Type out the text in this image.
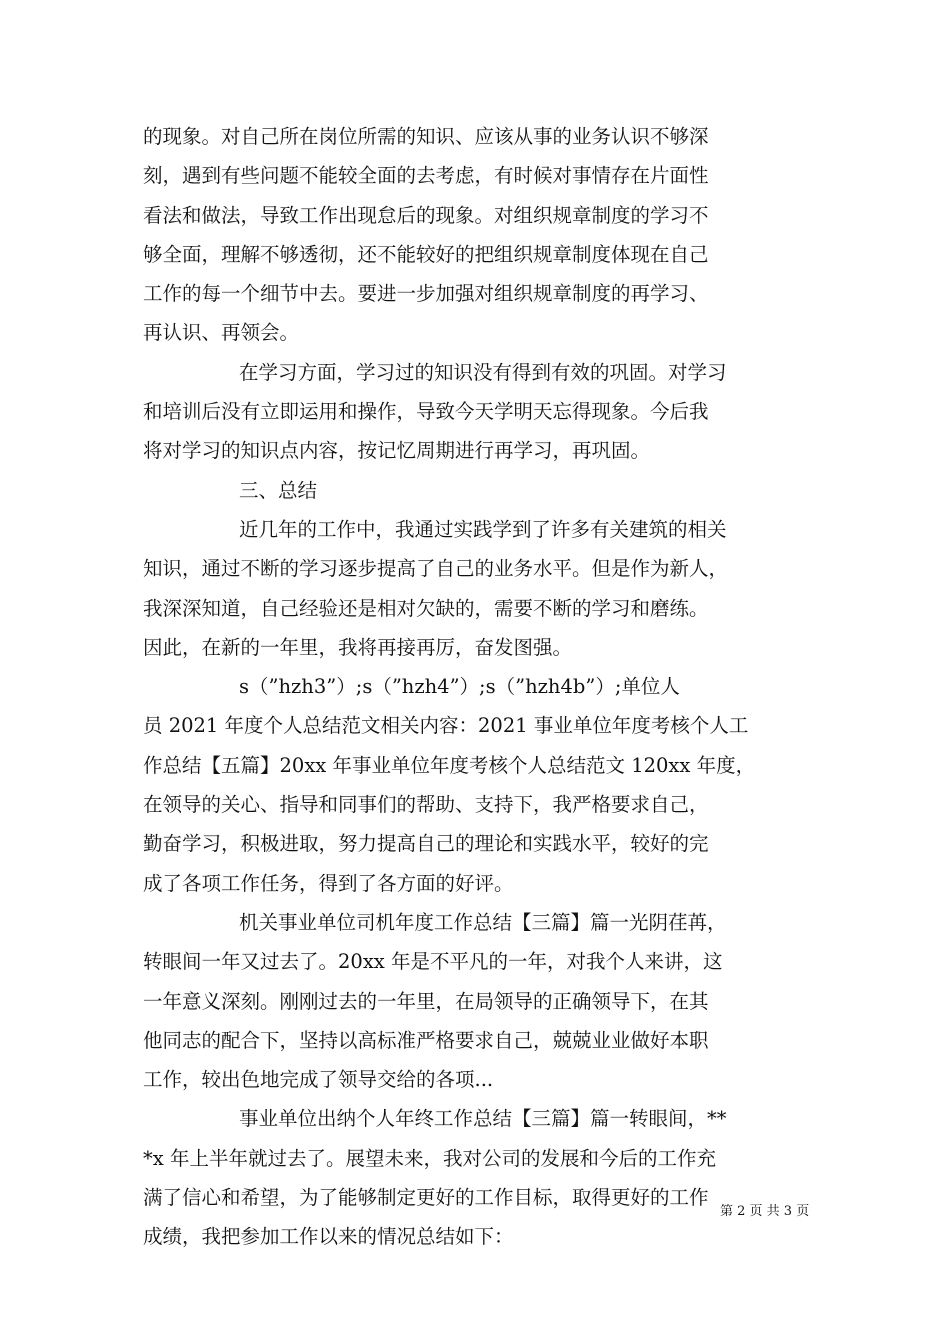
的现象。对自己所在岗位所需的知识、应该从事的业务认识不够深
刻，遇到有些问题不能较全面的去考虑，有时候对事情存在片面性
看法和做法，导致工作出现怠后的现象。对组织规章制度的学习不
够全面，理解不够透彻，还不能较好的把组织规章制度体现在自己
工作的每一个细节中去。要进一步加强对组织规章制度的再学习、
再认识、再领会。
在学习方面，学习过的知识没有得到有效的巩固。对学习
和培训后没有立即运用和操作，导致今天学明天忘得现象。今后我
将对学习的知识点内容，按记忆周期进行再学习，再巩固。
三、总结
近几年的工作中，我通过实践学到了许多有关建筑的相关
知识，通过不断的学习逐步提高了自己的业务水平。但是作为新人，
我深深知道，自己经验还是相对欠缺的，需要不断的学习和磨练。
因此，在新的一年里，我将再接再厉，奋发图强。
s（”hzh3”）;s（”hzh4”）;s（”hzh4b”）;单位人
员 2021 年度个人总结范文相关内容：2021 事业单位年度考核个人工
作总结【五篇】20xx 年事业单位年度考核个人总结范文 120xx 年度，
在领导的关心、指导和同事们的帮助、支持下，我严格要求自己，
勤奋学习，积极进取，努力提高自己的理论和实践水平，较好的完
成了各项工作任务，得到了各方面的好评。
机关事业单位司机年度工作总结【三篇】篇一光阴荏苒，
转眼间一年又过去了。20xx 年是不平凡的一年，对我个人来讲，这
一年意义深刻。刚刚过去的一年里，在局领导的正确领导下，在其
他同志的配合下，坚持以高标准严格要求自己，兢兢业业做好本职
工作，较出色地完成了领导交给的各项...
事业单位出纳个人年终工作总结【三篇】篇一转眼间，**
*x 年上半年就过去了。展望未来，我对公司的发展和今后的工作充
满了信心和希望，为了能够制定更好的工作目标，取得更好的工作
成绩，我把参加工作以来的情况总结如下：
第 2 页 共 3 页
